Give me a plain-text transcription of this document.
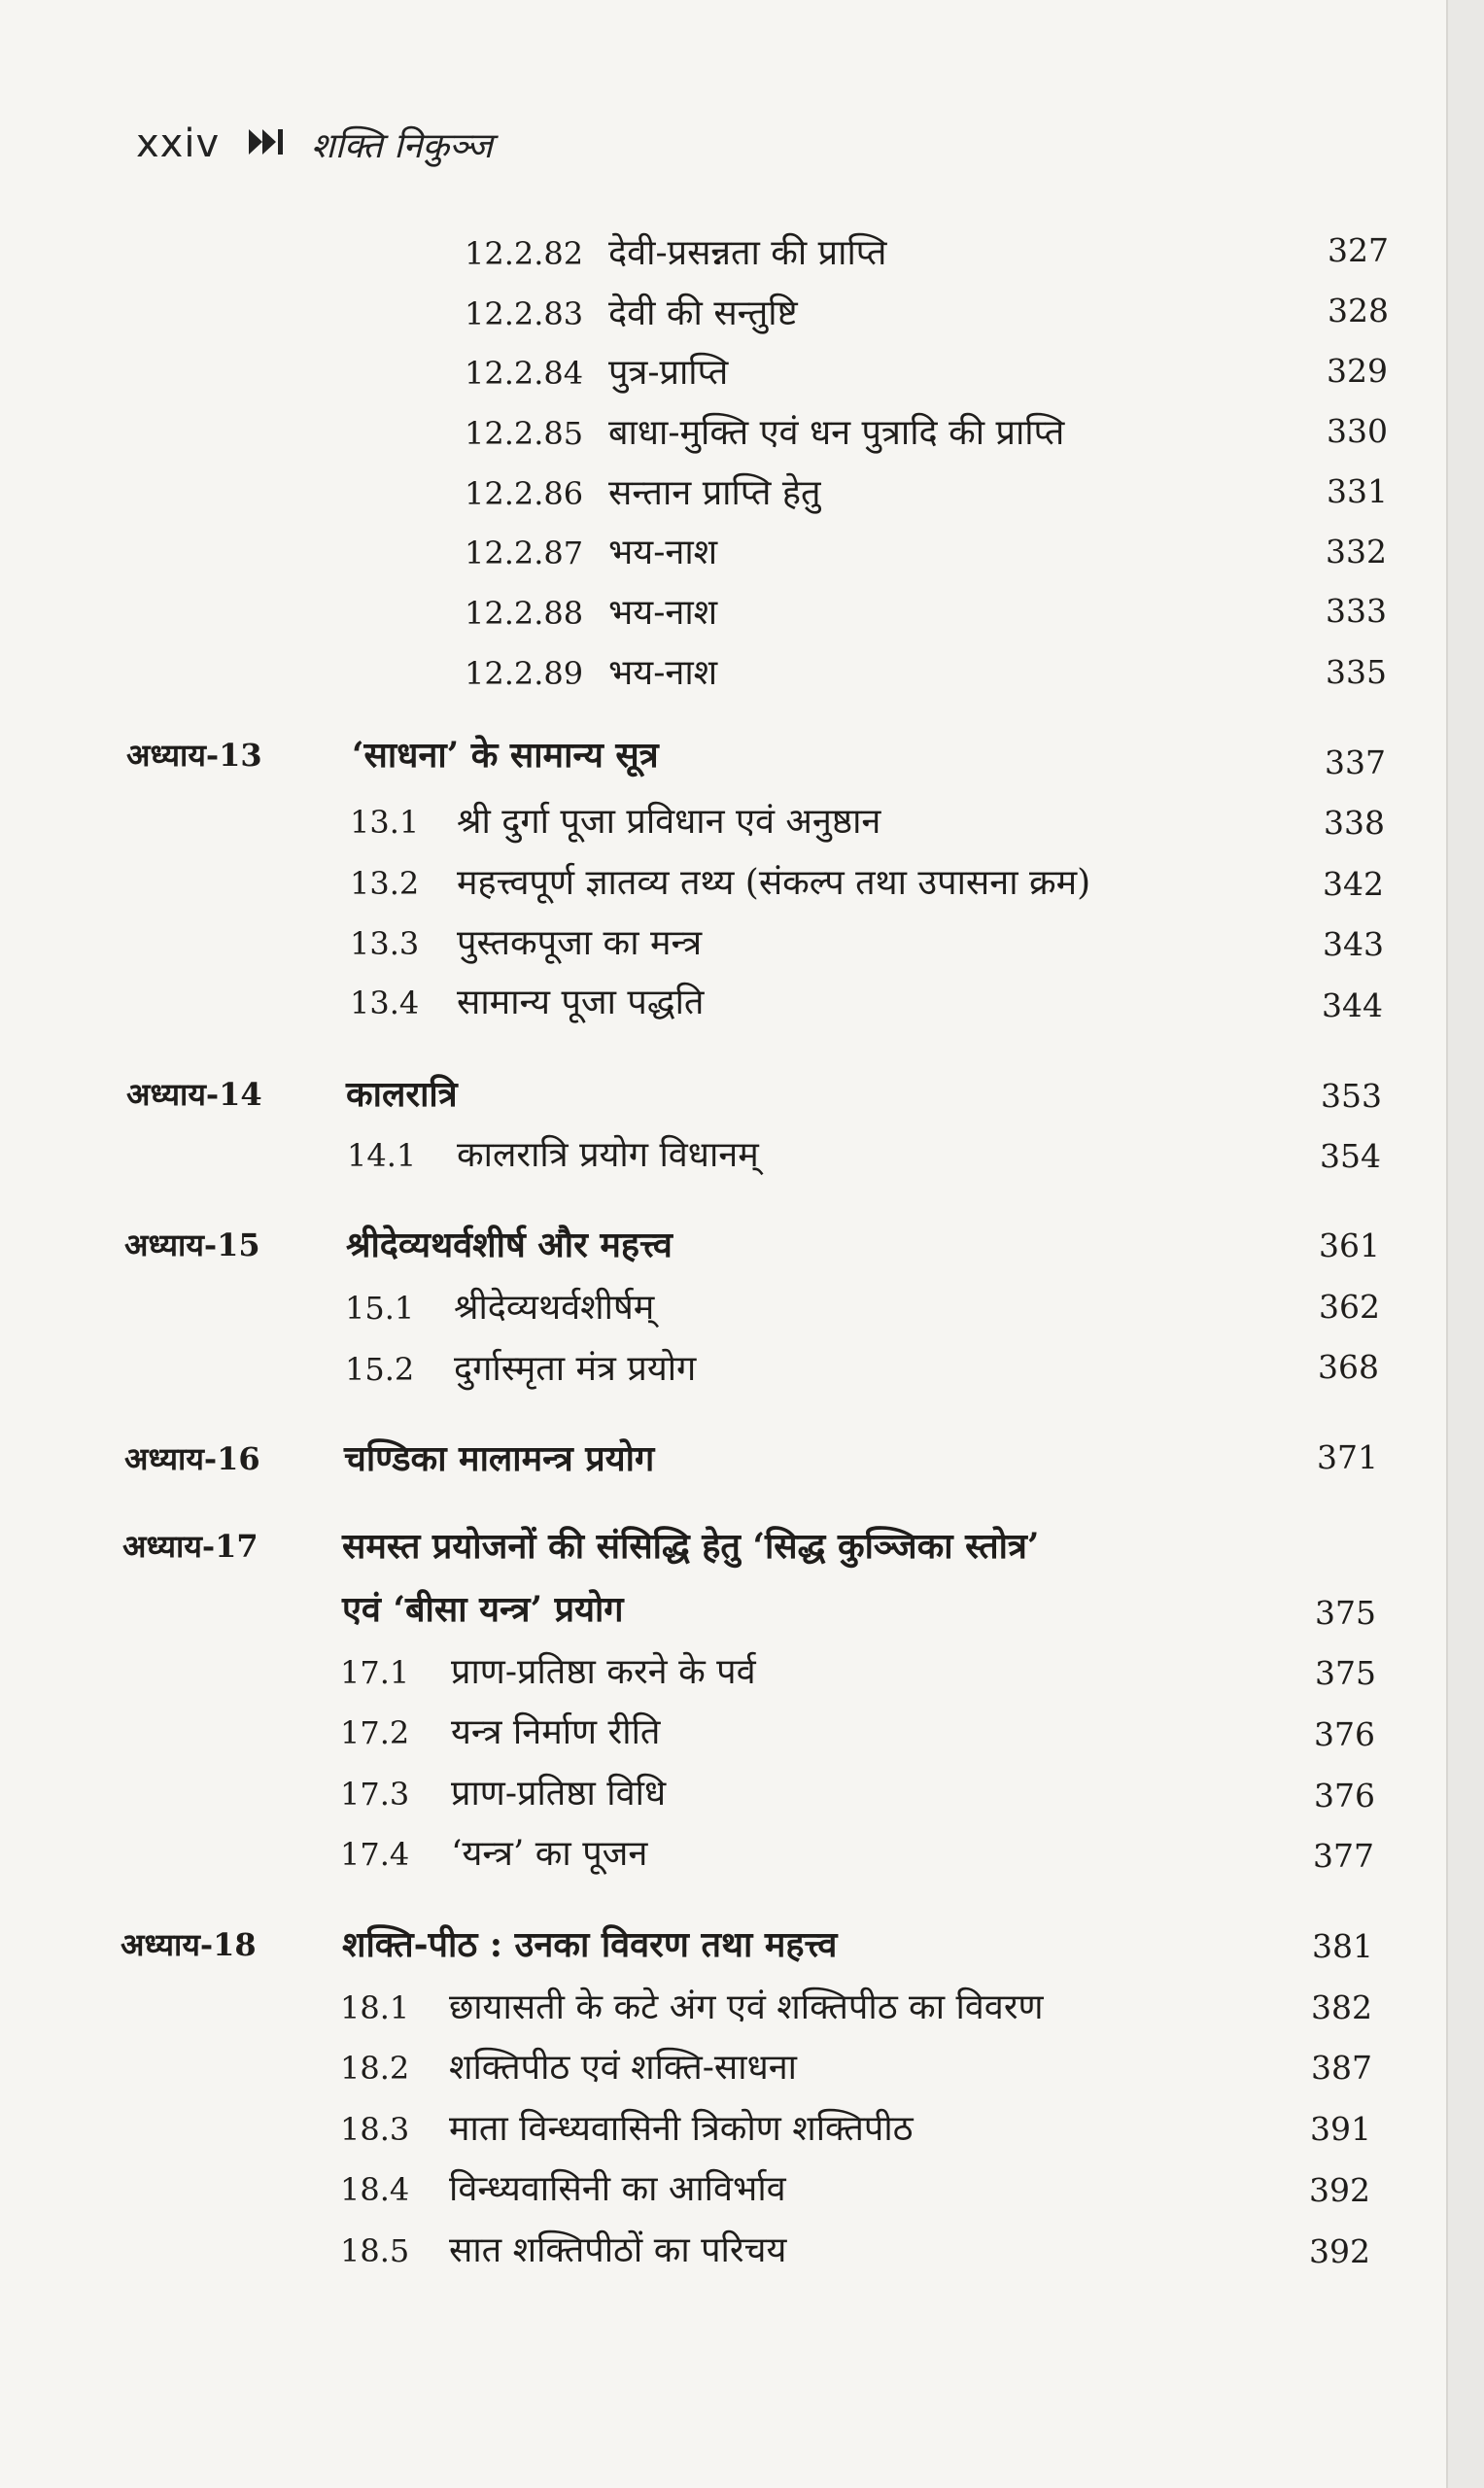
xxiv	शक्ति निकुञ्ज
12.2.82 देवी-प्रसन्नता की प्राप्ति
12.2.83 देवी की सन्तुष्टि
12.2.84 पुत्र-प्राप्ति
12.2.85 बाधा-मुक्ति एवं धन पुत्रादि की प्राप्ति
12.2.86 सन्तान प्राप्ति हेतु
12.2.87 भय-नाश
12.2.88 भय-नाश
12.2.89 भय-नाश
अध्याय-13	‘साधना’ के सामान्य सूत्र
13.1 श्री दुर्गा पूजा प्रविधान एवं अनुष्ठान
13.2 महत्त्वपूर्ण ज्ञातव्य तथ्य (संकल्प तथा उपासना क्रम)
13.3 पुस्तकपूजा का मन्त्र
13.4 सामान्य पूजा पद्धति
अध्याय-14 कालरात्रि
14.1 कालरात्रि प्रयोग विधानम्
अध्याय-15 श्रीदेव्यथर्वशीर्ष और महत्त्व
15.1 श्रीदेव्यथर्वशीर्षम्
15.2 दुर्गास्मृता मंत्र प्रयोग
अध्याय-16 चण्डिका मालामन्त्र प्रयोग
अध्याय-17 समस्त प्रयोजनों की संसिद्धि हेतु ‘सिद्ध कुञ्जिका स्तोत्र’
एवं ‘बीसा यन्त्र’ प्रयोग
17.1 प्राण-प्रतिष्ठा करने के पर्व
17.2 यन्त्र निर्माण रीति
17.3 प्राण-प्रतिष्ठा विधि
17.4 ‘यन्त्र’ का पूजन
अध्याय-18 शक्ति-पीठ : उनका विवरण तथा महत्त्व
18.1 छायासती के कटे अंग एवं शक्तिपीठ का विवरण
18.2 शक्तिपीठ एवं शक्ति-साधना
18.3 माता विन्ध्यवासिनी त्रिकोण शक्तिपीठ
18.4 विन्ध्यवासिनी का आविर्भाव
18.5 सात शक्तिपीठों का परिचय
327
328
329
330
331
332
333
335
337
338
342
343
344
353
354
361
362
368
371
375
375
376
376
377
381
382
387
391
392
392
